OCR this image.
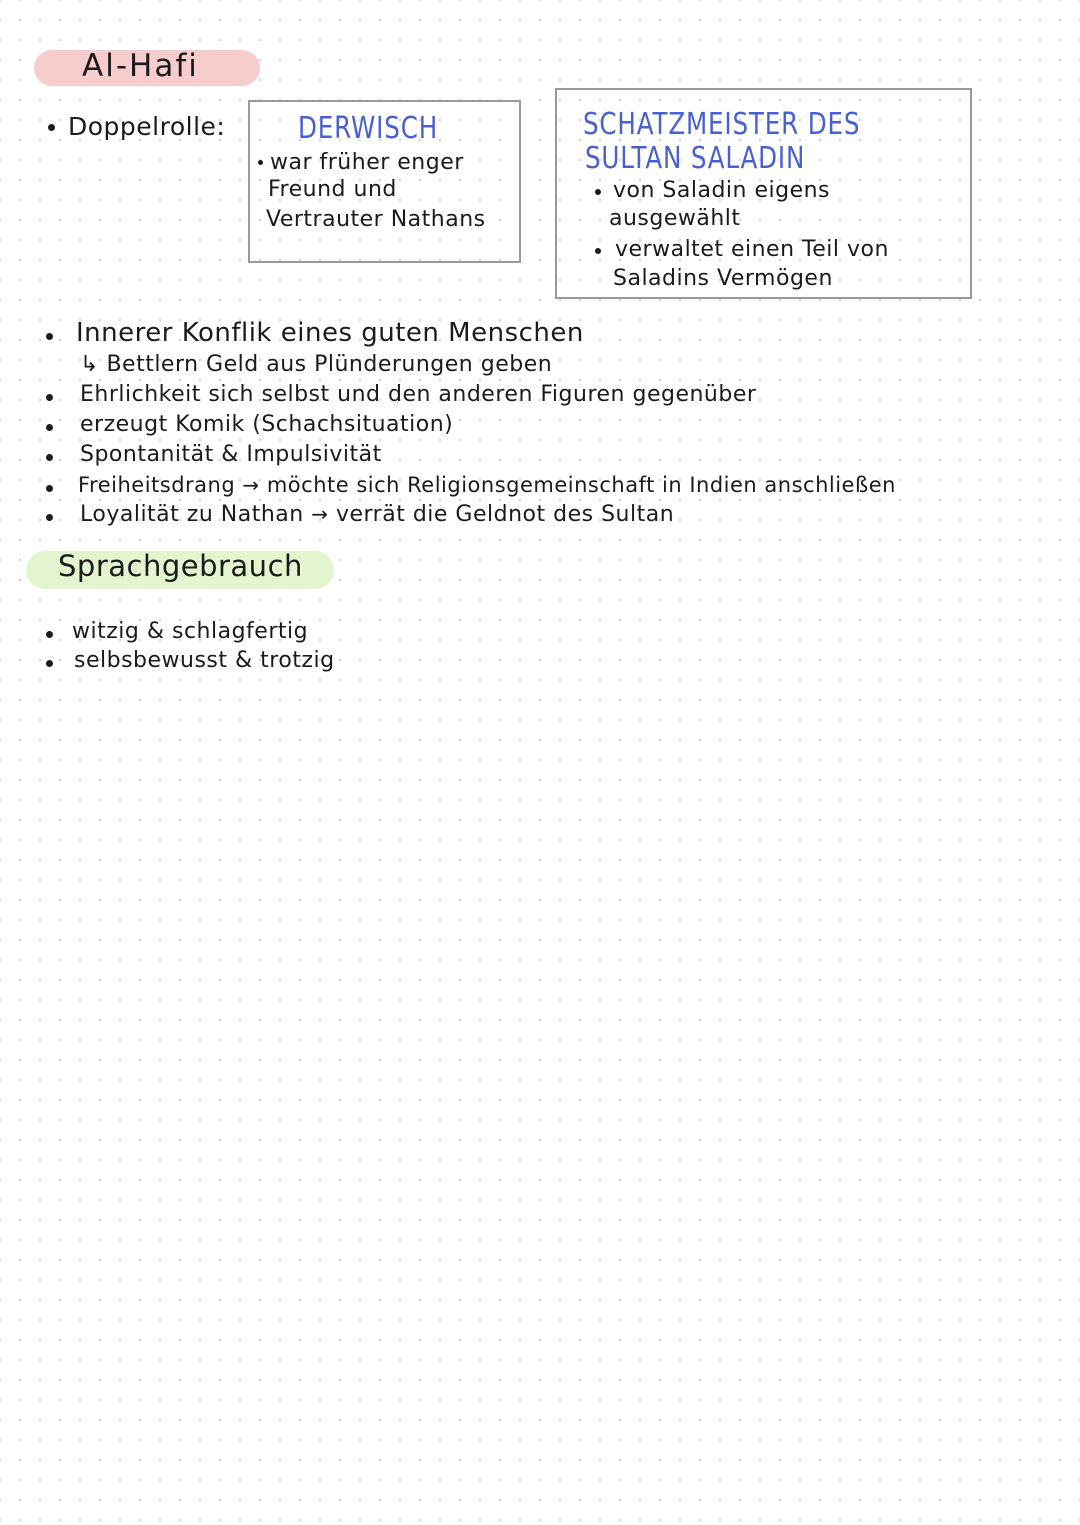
Al-Hafi
Doppelrolle: DERWISCH
war früher enger
Freund und
Vertrauter Nathans
SCHATZMEISTER DES
SULTAN SALADIN
von Saladin eigens
ausgewählt
verwaltet einen Teil von
Saladins Vermögen
Innerer Konflik eines guten Menschen
↳ Bettlern Geld aus Plünderungen geben
Ehrlichkeit sich selbst und den anderen Figuren gegenüber
erzeugt Komik (Schachsituation)
Spontanität & Impulsivität
Freiheitsdrang → möchte sich Religionsgemeinschaft in Indien anschließen
Loyalität zu Nathan → verrät die Geldnot des Sultan
Sprachgebrauch
witzig & schlagfertig
selbsbewusst & trotzig
